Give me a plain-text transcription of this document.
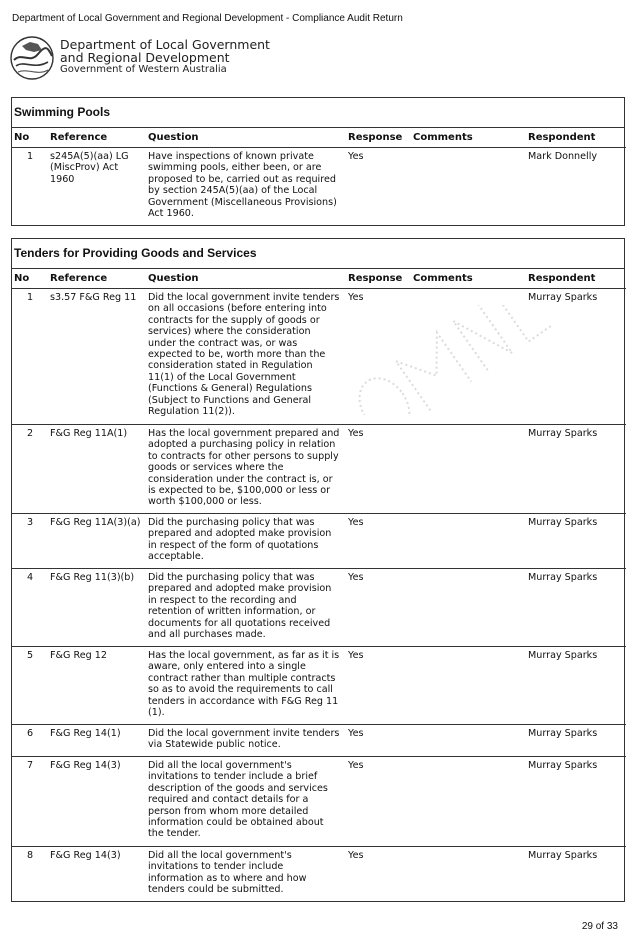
Department of Local Government and Regional Development - Compliance Audit Return
Department of Local Government
and Regional Development
Government of Western Australia
Swimming Pools
No	Reference	Question	Response	Comments	Respondent
1	s245A(5)(aa) LG (MiscProv) Act 1960	Have inspections of known private swimming pools, either been, or are proposed to be, carried out as required by section 245A(5)(aa) of the Local Government (Miscellaneous Provisions) Act 1960.	Yes		Mark Donnelly
Tenders for Providing Goods and Services
No	Reference	Question	Response	Comments	Respondent
1	s3.57 F&G Reg 11	Did the local government invite tenders on all occasions (before entering into contracts for the supply of goods or services) where the consideration under the contract was, or was expected to be, worth more than the consideration stated in Regulation 11(1) of the Local Government (Functions & General) Regulations (Subject to Functions and General Regulation 11(2)).	Yes		Murray Sparks
2	F&G Reg 11A(1)	Has the local government prepared and adopted a purchasing policy in relation to contracts for other persons to supply goods or services where the consideration under the contract is, or is expected to be, $100,000 or less or worth $100,000 or less.	Yes		Murray Sparks
3	F&G Reg 11A(3)(a)	Did the purchasing policy that was prepared and adopted make provision in respect of the form of quotations acceptable.	Yes		Murray Sparks
4	F&G Reg 11(3)(b)	Did the purchasing policy that was prepared and adopted make provision in respect to the recording and retention of written information, or documents for all quotations received and all purchases made.	Yes		Murray Sparks
5	F&G Reg 12	Has the local government, as far as it is aware, only entered into a single contract rather than multiple contracts so as to avoid the requirements to call tenders in accordance with F&G Reg 11 (1).	Yes		Murray Sparks
6	F&G Reg 14(1)	Did the local government invite tenders via Statewide public notice.	Yes		Murray Sparks
7	F&G Reg 14(3)	Did all the local government's invitations to tender include a brief description of the goods and services required and contact details for a person from whom more detailed information could be obtained about the tender.	Yes		Murray Sparks
8	F&G Reg 14(3)	Did all the local government's invitations to tender include information as to where and how tenders could be submitted.	Yes		Murray Sparks
29 of 33
